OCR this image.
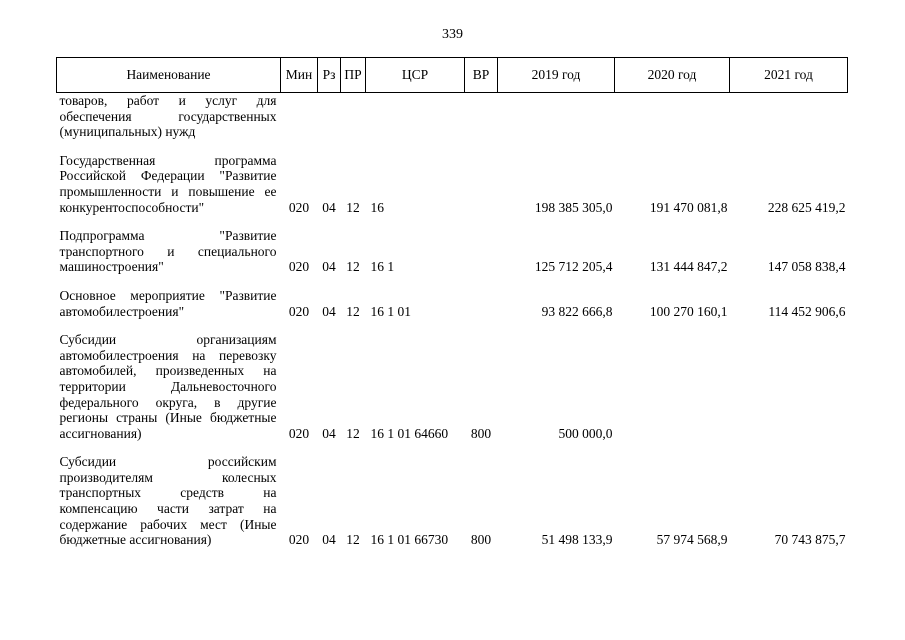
339
Наименование	Мин	Рз	ПР	ЦСР	ВР	2019 год	2020 год	2021 год

товаров, работ и услуг для обеспечения государственных (муниципальных) нужд								

Государственная программа Российской Федерации "Развитие промышленности и повышение ее конкурентоспособности"	020	04	12	16		198 385 305,0	191 470 081,8	228 625 419,2

Подпрограмма "Развитие транспортного и специального машиностроения"	020	04	12	16 1		125 712 205,4	131 444 847,2	147 058 838,4

Основное мероприятие "Развитие автомобилестроения"	020	04	12	16 1 01		93 822 666,8	100 270 160,1	114 452 906,6

Субсидии организациям автомобилестроения на перевозку автомобилей, произведенных на территории Дальневосточного федерального округа, в другие регионы страны (Иные бюджетные ассигнования)	020	04	12	16 1 01 64660	800	500 000,0		

Субсидии российским производителям колесных транспортных средств на компенсацию части затрат на содержание рабочих мест (Иные бюджетные ассигнования)	020	04	12	16 1 01 66730	800	51 498 133,9	57 974 568,9	70 743 875,7
